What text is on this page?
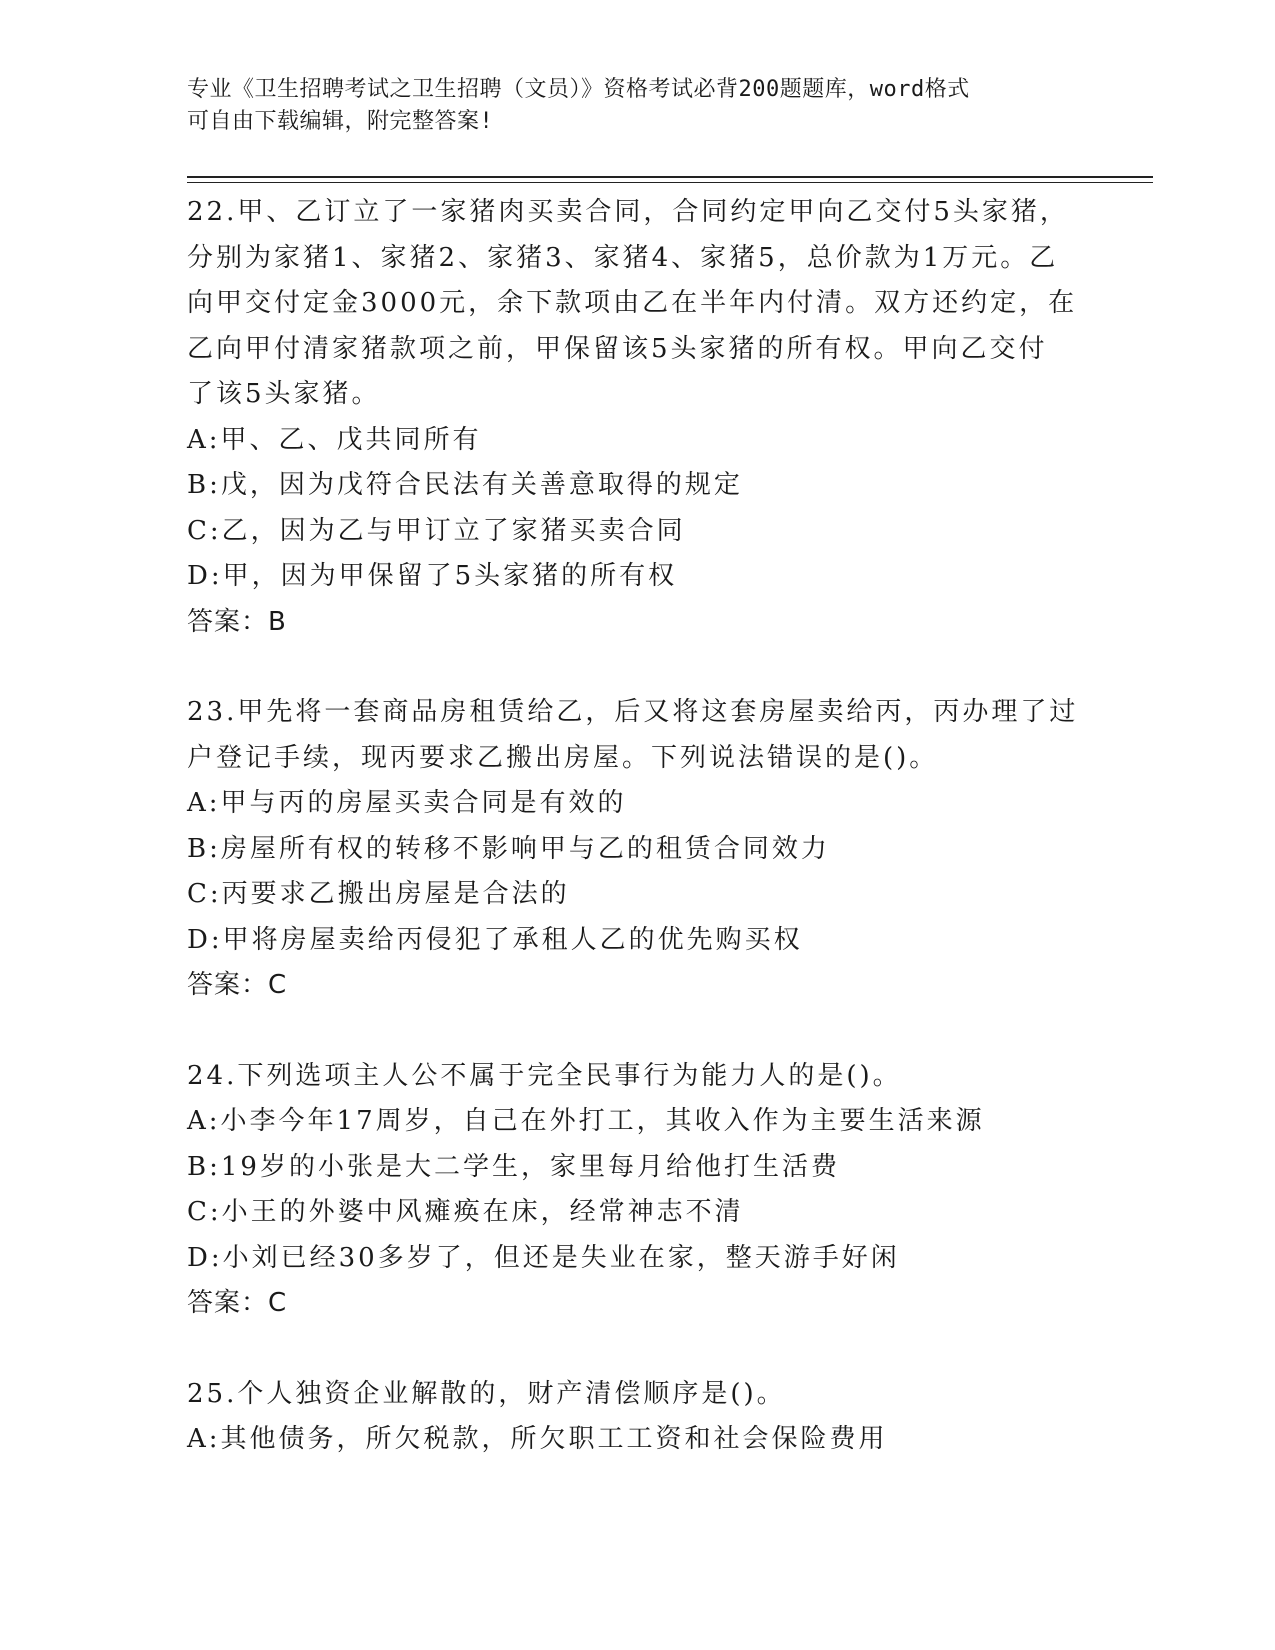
专业《卫生招聘考试之卫生招聘（文员）》资格考试必背200题题库，word格式
可自由下载编辑，附完整答案!
22.甲、乙订立了一家猪肉买卖合同，合同约定甲向乙交付5头家猪，
分别为家猪1、家猪2、家猪3、家猪4、家猪5，总价款为1万元。乙
向甲交付定金3000元，余下款项由乙在半年内付清。双方还约定，在
乙向甲付清家猪款项之前，甲保留该5头家猪的所有权。甲向乙交付
了该5头家猪。
A:甲、乙、戊共同所有
B:戊，因为戊符合民法有关善意取得的规定
C:乙，因为乙与甲订立了家猪买卖合同
D:甲，因为甲保留了5头家猪的所有权
答案：B
23.甲先将一套商品房租赁给乙，后又将这套房屋卖给丙，丙办理了过
户登记手续，现丙要求乙搬出房屋。下列说法错误的是()。
A:甲与丙的房屋买卖合同是有效的
B:房屋所有权的转移不影响甲与乙的租赁合同效力
C:丙要求乙搬出房屋是合法的
D:甲将房屋卖给丙侵犯了承租人乙的优先购买权
答案：C
24.下列选项主人公不属于完全民事行为能力人的是()。
A:小李今年17周岁，自己在外打工，其收入作为主要生活来源
B:19岁的小张是大二学生，家里每月给他打生活费
C:小王的外婆中风瘫痪在床，经常神志不清
D:小刘已经30多岁了，但还是失业在家，整天游手好闲
答案：C
25.个人独资企业解散的，财产清偿顺序是()。
A:其他债务，所欠税款，所欠职工工资和社会保险费用
